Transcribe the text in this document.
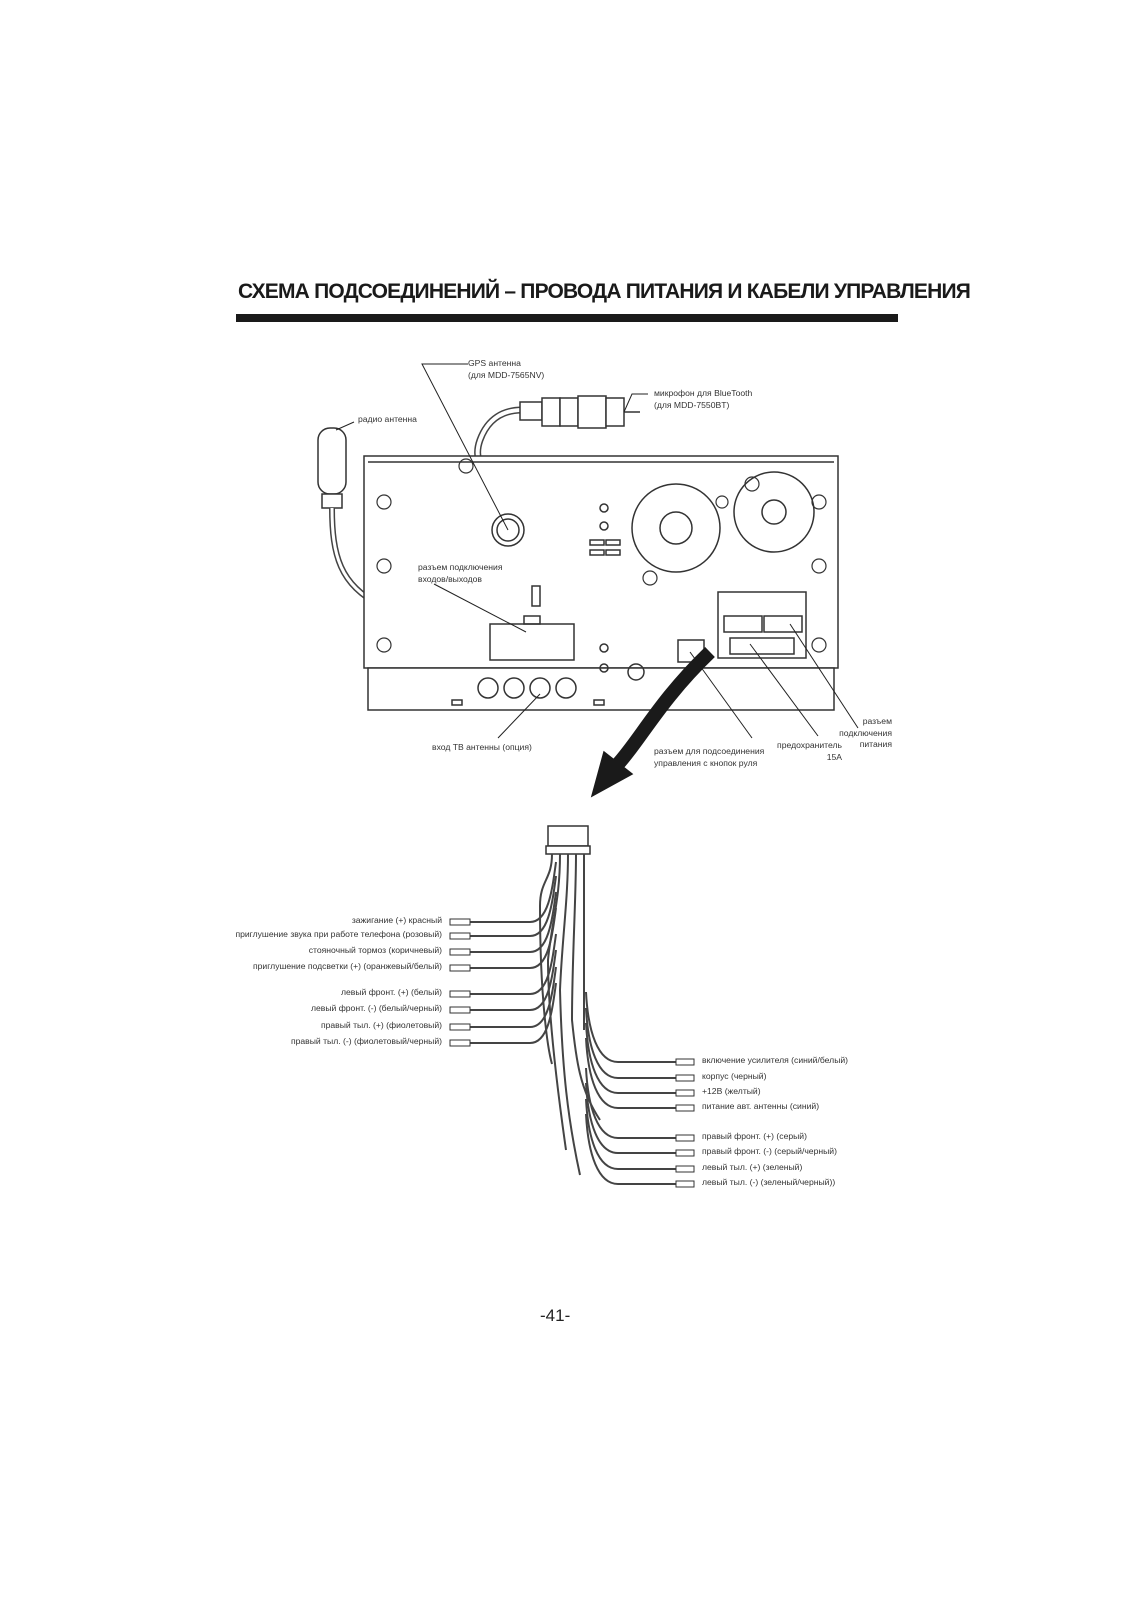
СХЕМА ПОДСОЕДИНЕНИЙ – ПРОВОДА ПИТАНИЯ И КАБЕЛИ УПРАВЛЕНИЯ
GPS антенна
(для MDD-7565NV)
микрофон для BlueTooth
(для MDD-7550BT)
радио антенна
разъем подключения
входов/выходов
вход ТВ антенны (опция)	разъем для подсоединения
управления с кнопок руля
предохранитель
15А
разъем
подключения
питания
зажигание (+) красный
приглушение звука при работе телефона (розовый)
стояночный тормоз (коричневый)
приглушение подсветки (+) (оранжевый/белый)
левый фронт. (+) (белый)
левый фронт. (-) (белый/черный)
правый тыл. (+) (фиолетовый)
правый тыл. (-) (фиолетовый/черный)
включение усилителя (синий/белый)
корпус (черный)
+12В (желтый)
питание авт. антенны (синий)
правый фронт. (+) (серый)
правый фронт. (-) (серый/черный)
левый тыл. (+) (зеленый)
левый тыл. (-) (зеленый/черный))
-41-
